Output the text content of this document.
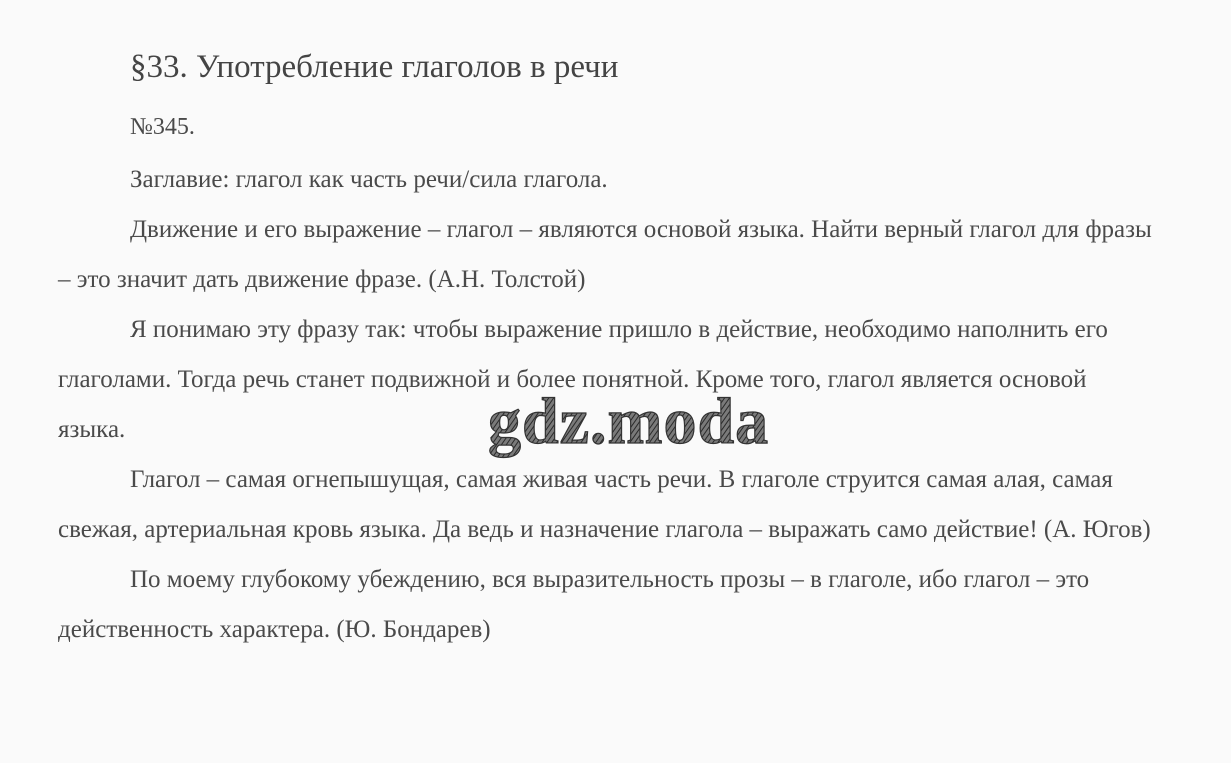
§33. Употребление глаголов в речи
№345.

Заглавие: глагол как часть речи/сила глагола.

Движение и его выражение – глагол – являются основой языка. Найти верный глагол для фразы – это значит дать движение фразе. (А.Н. Толстой)

Я понимаю эту фразу так: чтобы выражение пришло в действие, необходимо наполнить его глаголами. Тогда речь станет подвижной и более понятной. Кроме того, глагол является основой языка.

Глагол – самая огнепышущая, самая живая часть речи. В глаголе струится самая алая, самая свежая, артериальная кровь языка. Да ведь и назначение глагола – выражать само действие! (А. Югов)

По моему глубокому убеждению, вся выразительность прозы – в глаголе, ибо глагол – это действенность характера. (Ю. Бондарев)

gdz.moda
